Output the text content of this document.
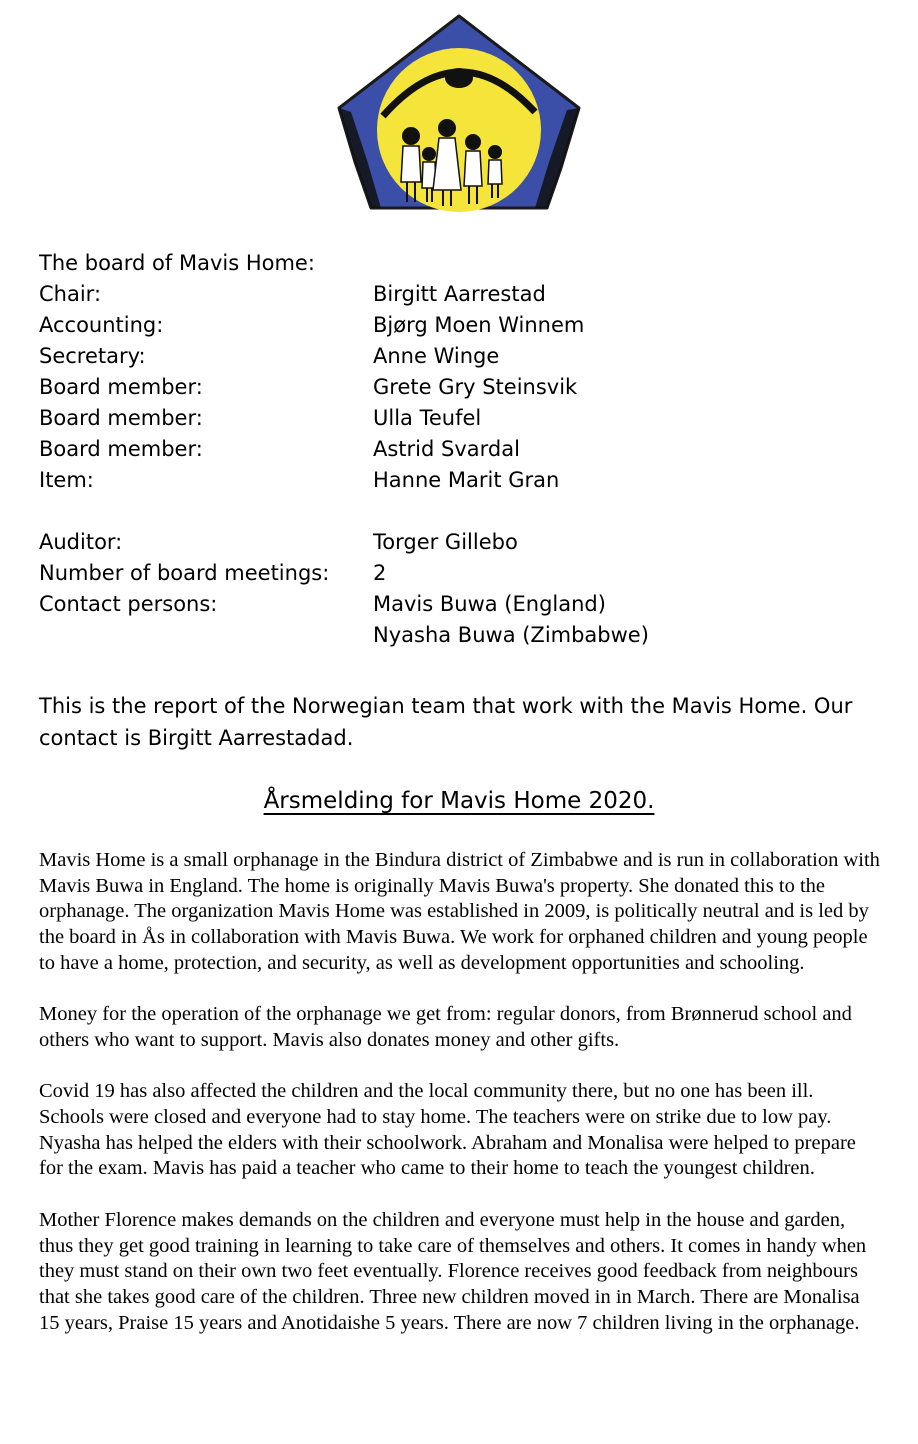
The board of Mavis Home:
Chair:	Birgitt Aarrestad
Accounting:	Bjørg Moen Winnem
Secretary:	Anne Winge
Board member:	Grete Gry Steinsvik
Board member:	Ulla Teufel
Board member:	Astrid Svardal
Item:	Hanne Marit Gran
Auditor:	Torger Gillebo
Number of board meetings:	2
Contact persons:	Mavis Buwa (England)
Nyasha Buwa (Zimbabwe)
This is the report of the Norwegian team that work with the Mavis Home. Our contact is Birgitt Aarrestadad.
Årsmelding for Mavis Home 2020.

Mavis Home is a small orphanage in the Bindura district of Zimbabwe and is run in collaboration with Mavis Buwa in England. The home is originally Mavis Buwa's property. She donated this to the orphanage. The organization Mavis Home was established in 2009, is politically neutral and is led by the board in Ås in collaboration with Mavis Buwa. We work for orphaned children and young people to have a home, protection, and security, as well as development opportunities and schooling.

Money for the operation of the orphanage we get from: regular donors, from Brønnerud school and others who want to support. Mavis also donates money and other gifts.

Covid 19 has also affected the children and the local community there, but no one has been ill. Schools were closed and everyone had to stay home. The teachers were on strike due to low pay. Nyasha has helped the elders with their schoolwork. Abraham and Monalisa were helped to prepare for the exam. Mavis has paid a teacher who came to their home to teach the youngest children.

Mother Florence makes demands on the children and everyone must help in the house and garden, thus they get good training in learning to take care of themselves and others. It comes in handy when they must stand on their own two feet eventually. Florence receives good feedback from neighbours that she takes good care of the children. Three new children moved in in March. There are Monalisa 15 years, Praise 15 years and Anotidaishe 5 years. There are now 7 children living in the orphanage.
